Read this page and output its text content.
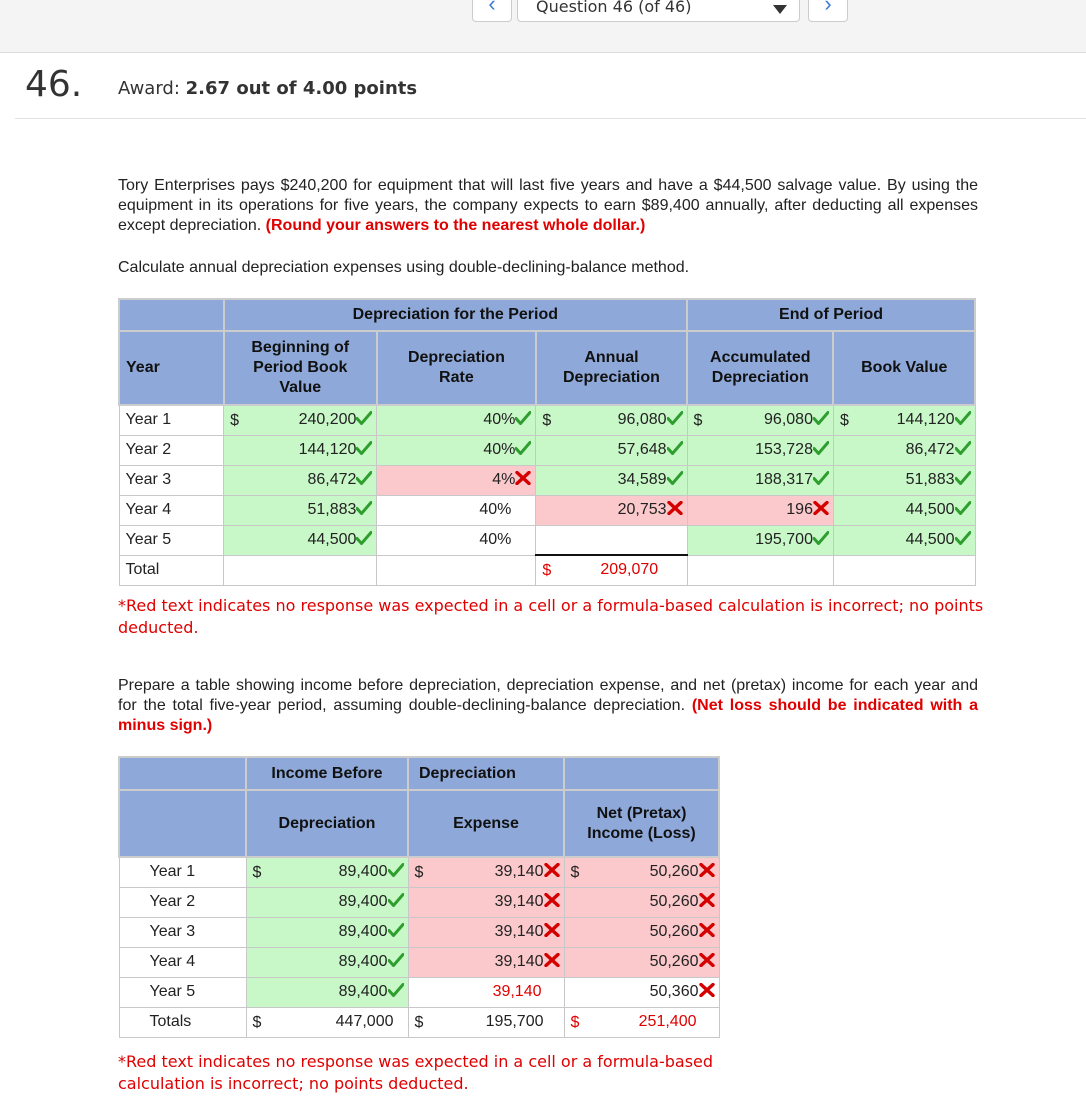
‹	Question 46 (of 46)	›
46. Award: 2.67 out of 4.00 points
Tory Enterprises pays $240,200 for equipment that will last five years and have a $44,500 salvage value. By using the equipment in its operations for five years, the company expects to earn $89,400 annually, after deducting all expenses except depreciation. (Round your answers to the nearest whole dollar.)
Calculate annual depreciation expenses using double-declining-balance method.
	Depreciation for the Period			End of Period	
Year	Beginning of Period Book Value	Depreciation Rate	Annual Depreciation	Accumulated Depreciation	Book Value
Year 1	$ 240,200	40%	$ 96,080	$ 96,080	$ 144,120
Year 2	144,120	40%	57,648	153,728	86,472
Year 3	86,472	4%	34,589	188,317	51,883
Year 4	51,883	40%	20,753	196	44,500
Year 5	44,500	40%		195,700	44,500
Total			$ 209,070		
*Red text indicates no response was expected in a cell or a formula-based calculation is incorrect; no points deducted.
Prepare a table showing income before depreciation, depreciation expense, and net (pretax) income for each year and for the total five-year period, assuming double-declining-balance depreciation. (Net loss should be indicated with a minus sign.)
	Income Before	Depreciation	
	Depreciation	Expense	Net (Pretax) Income (Loss)
Year 1	$ 89,400	$ 39,140	$ 50,260
Year 2	89,400	39,140	50,260
Year 3	89,400	39,140	50,260
Year 4	89,400	39,140	50,260
Year 5	89,400	39,140	50,360
Totals	$ 447,000	$ 195,700	$ 251,400
*Red text indicates no response was expected in a cell or a formula-based calculation is incorrect; no points deducted.
